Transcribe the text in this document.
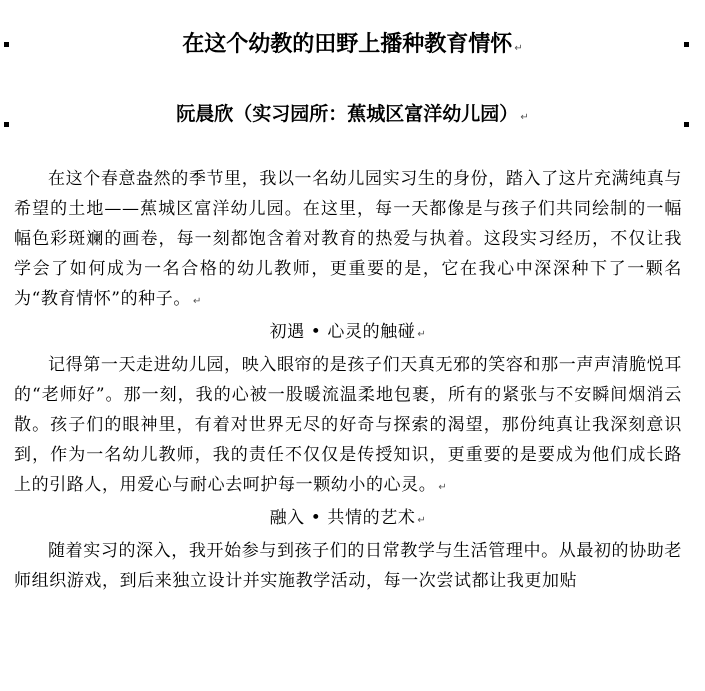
在这个幼教的田野上播种教育情怀 ↵
阮晨欣（实习园所：蕉城区富洋幼儿园） ↵

在这个春意盎然的季节里，我以一名幼儿园实习生的身份，踏入了这片充满纯真与希望的土地——蕉城区富洋幼儿园。在这里，每一天都像是与孩子们共同绘制的一幅幅色彩斑斓的画卷，每一刻都饱含着对教育的热爱与执着。这段实习经历，不仅让我学会了如何成为一名合格的幼儿教师，更重要的是，它在我心中深深种下了一颗名为“教育情怀”的种子。 ↵

初遇 • 心灵的触碰 ↵

记得第一天走进幼儿园，映入眼帘的是孩子们天真无邪的笑容和那一声声清脆悦耳的“老师好”。那一刻，我的心被一股暖流温柔地包裹，所有的紧张与不安瞬间烟消云散。孩子们的眼神里，有着对世界无尽的好奇与探索的渴望，那份纯真让我深刻意识到，作为一名幼儿教师，我的责任不仅仅是传授知识，更重要的是要成为他们成长路上的引路人，用爱心与耐心去呵护每一颗幼小的心灵。 ↵

融入 • 共情的艺术 ↵

随着实习的深入，我开始参与到孩子们的日常教学与生活管理中。从最初的协助老师组织游戏，到后来独立设计并实施教学活动，每一次尝试都让我更加贴
